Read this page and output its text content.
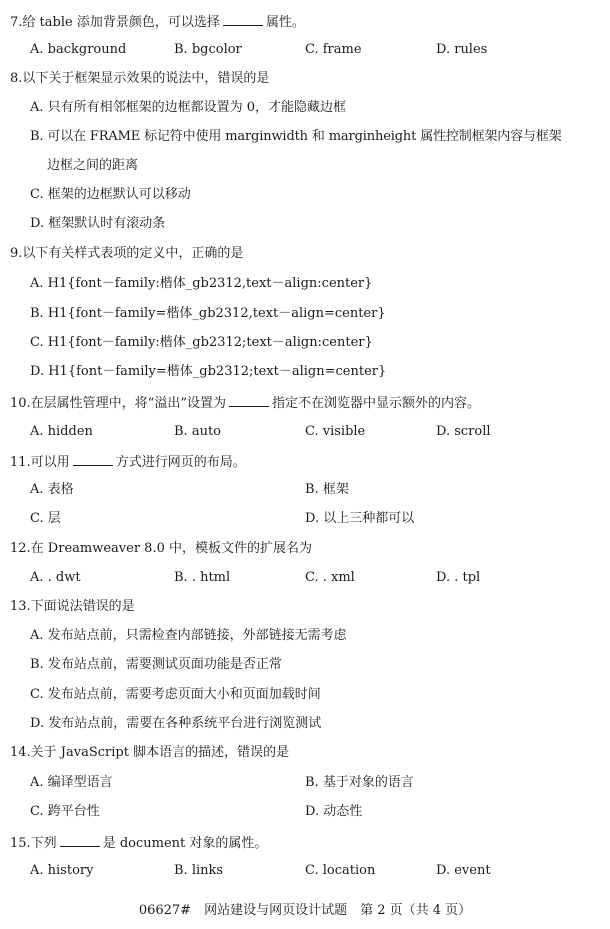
7.给 table 添加背景颜色，可以选择	属性。
A. background	B. bgcolor	C. frame	D. rules
8.以下关于框架显示效果的说法中，错误的是
A. 只有所有相邻框架的边框都设置为 0，才能隐藏边框
B. 可以在 FRAME 标记符中使用 marginwidth 和 marginheight 属性控制框架内容与框架
边框之间的距离
C. 框架的边框默认可以移动
D. 框架默认时有滚动条
9.以下有关样式表项的定义中，正确的是
A. H1{font－family:楷体_gb2312,text－align:center}
B. H1{font－family=楷体_gb2312,text－align=center}
C. H1{font－family:楷体_gb2312;text－align:center}
D. H1{font－family=楷体_gb2312;text－align=center}
10.在层属性管理中，将“溢出”设置为	指定不在浏览器中显示额外的内容。
A. hidden	B. auto	C. visible	D. scroll
11.可以用	方式进行网页的布局。
A. 表格	B. 框架
C. 层	D. 以上三种都可以
12.在 Dreamweaver 8.0 中，模板文件的扩展名为
A. . dwt	B. . html	C. . xml	D. . tpl
13.下面说法错误的是
A. 发布站点前，只需检查内部链接，外部链接无需考虑
B. 发布站点前，需要测试页面功能是否正常
C. 发布站点前，需要考虑页面大小和页面加载时间
D. 发布站点前，需要在各种系统平台进行浏览测试
14.关于 JavaScript 脚本语言的描述，错误的是
A. 编译型语言	B. 基于对象的语言
C. 跨平台性	D. 动态性
15.下列	是 document 对象的属性。
A. history	B. links	C. location	D. event
06627#　网站建设与网页设计试题　第 2 页（共 4 页）
